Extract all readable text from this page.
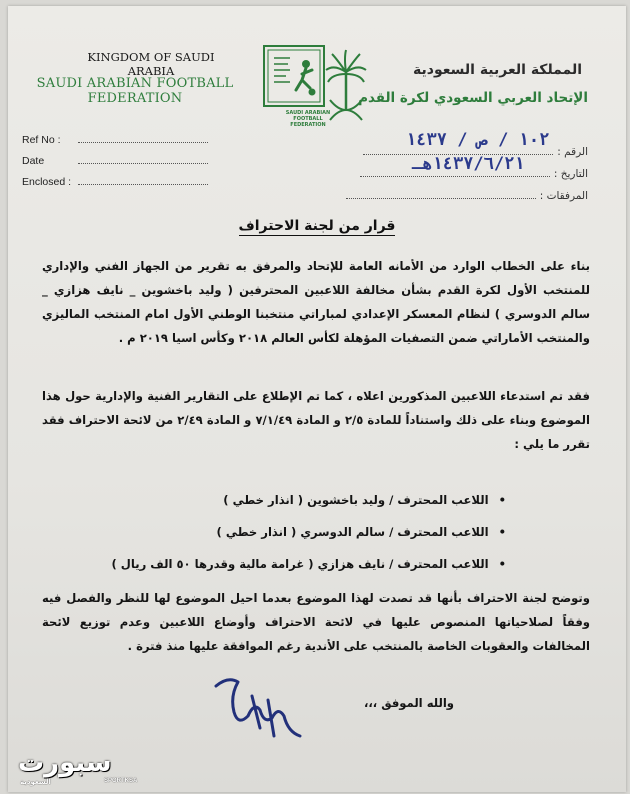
KINGDOM OF SAUDI ARABIA
SAUDI ARABIAN FOOTBALL FEDERATION
المملكة العربية السعودية
الإتحاد العربي السعودي لكرة القدم
SAUDI ARABIAN FOOTBALL FEDERATION
Ref No :
Date
Enclosed :
الرقم :
التاريخ :
المرفقات :
١٠٢ / ص / ١٤٣٧
١٤٣٧/٦/٢١هـ
قرار من لجنة الاحتراف

بناء على الخطاب الوارد من الأمانه العامة للإتحاد والمرفق به تقرير من الجهاز الفني والإداري للمنتخب الأول لكرة القدم بشأن مخالفة اللاعبين المحترفين ( وليد باخشوين _ نايف هزازي _ سالم الدوسري ) لنظام المعسكر الإعدادي لمباراتي منتخبنا الوطني الأول امام المنتخب الماليزي والمنتخب الأماراتي ضمن التصفيات المؤهلة لكأس العالم ٢٠١٨ وكأس اسيا ٢٠١٩ م .

فقد تم استدعاء اللاعبين المذكورين اعلاه ، كما تم الإطلاع على التقارير الفنية والإدارية حول هذا الموضوع وبناء على ذلك واستناداً للمادة ٢/٥ و المادة ٧/١/٤٩ و المادة ٢/٤٩ من لائحة الاحتراف فقد تقرر ما يلي :

• اللاعب المحترف / وليد باخشوين ( انذار خطي )
• اللاعب المحترف / سالم الدوسري ( انذار خطي )
• اللاعب المحترف / نايف هزازي ( غرامة مالية وقدرها ٥٠ الف ريال )

وتوضح لجنة الاحتراف بأنها قد تصدت لهذا الموضوع بعدما احيل الموضوع لها للنظر والفصل فيه وفقاً لصلاحياتها المنصوص عليها في لائحة الاحتراف وأوضاع اللاعبين وعدم توزيع لائحة المخالفات والعقوبات الخاصة بالمنتخب على الأندية رغم الموافقة عليها منذ فترة .

والله الموفق ،،،
سبورت
السعودية	SPORTKSA
